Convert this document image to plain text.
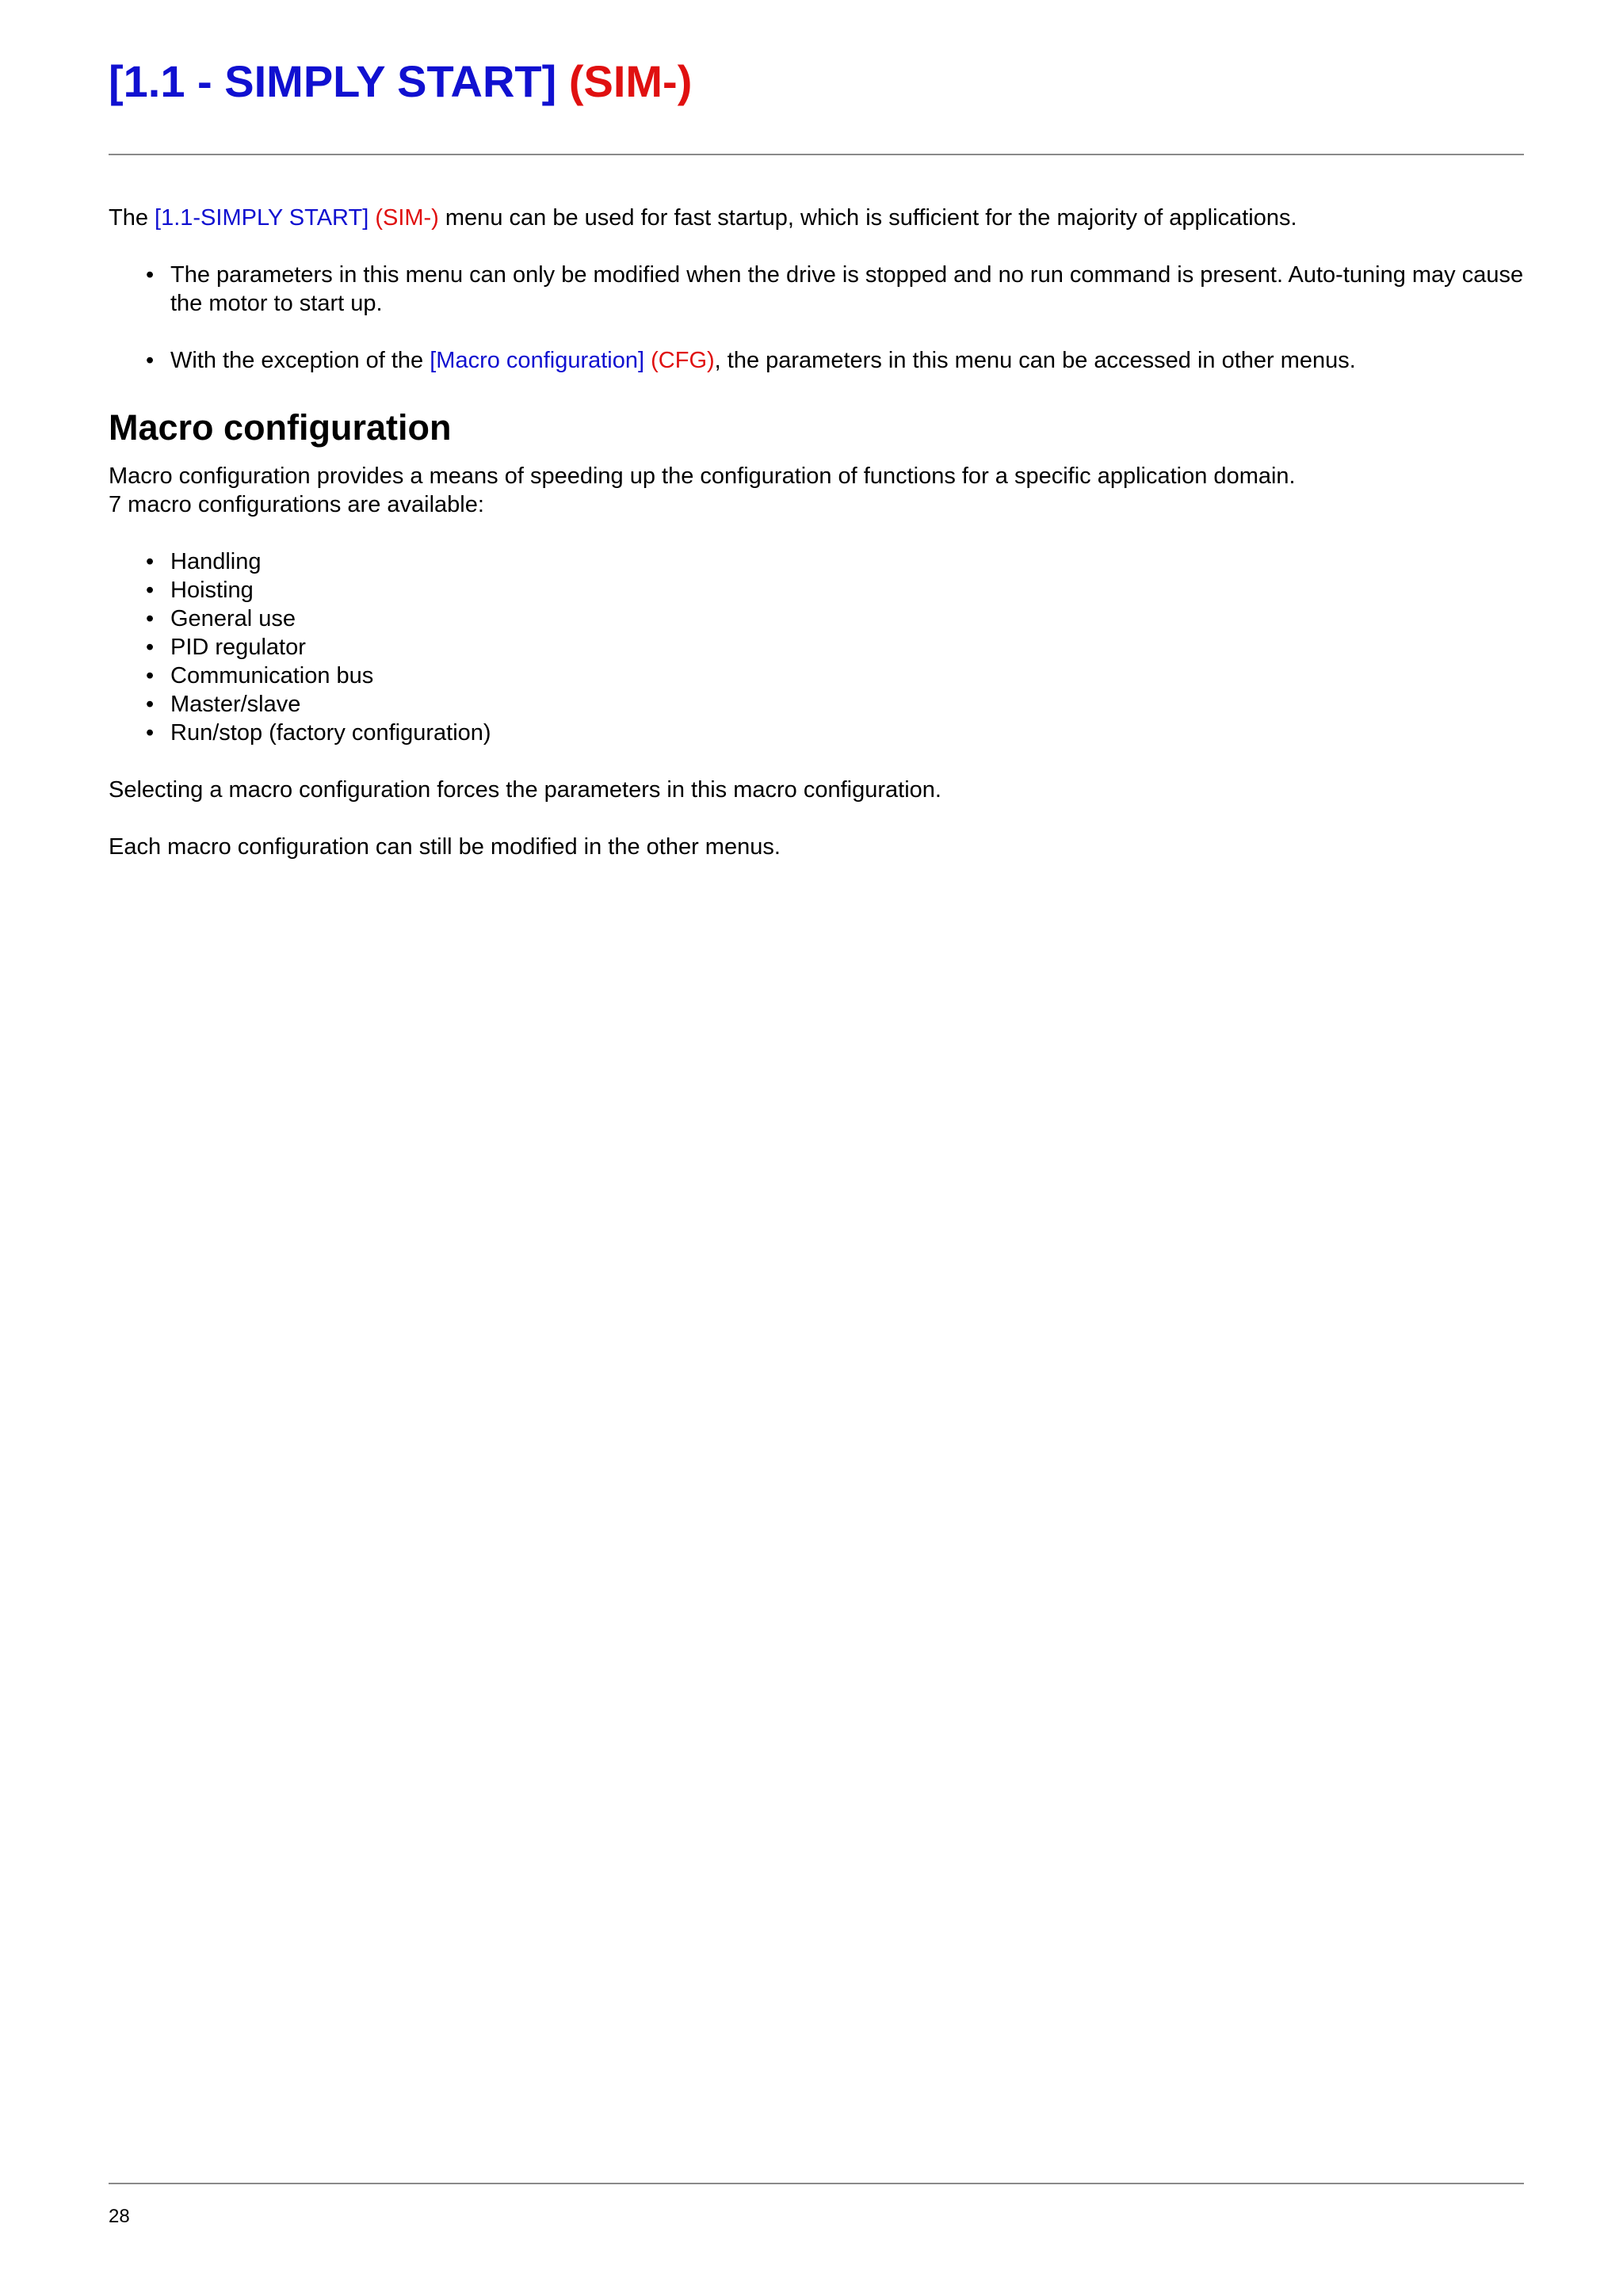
[1.1 - SIMPLY START] (SIM-)

The [1.1-SIMPLY START] (SIM-) menu can be used for fast startup, which is sufficient for the majority of applications.

• The parameters in this menu can only be modified when the drive is stopped and no run command is present. Auto-tuning may cause the motor to start up.
• With the exception of the [Macro configuration] (CFG), the parameters in this menu can be accessed in other menus.
Macro configuration

Macro configuration provides a means of speeding up the configuration of functions for a specific application domain.

7 macro configurations are available:

• Handling
• Hoisting
• General use
• PID regulator
• Communication bus
• Master/slave
• Run/stop (factory configuration)

Selecting a macro configuration forces the parameters in this macro configuration.

Each macro configuration can still be modified in the other menus.

28
